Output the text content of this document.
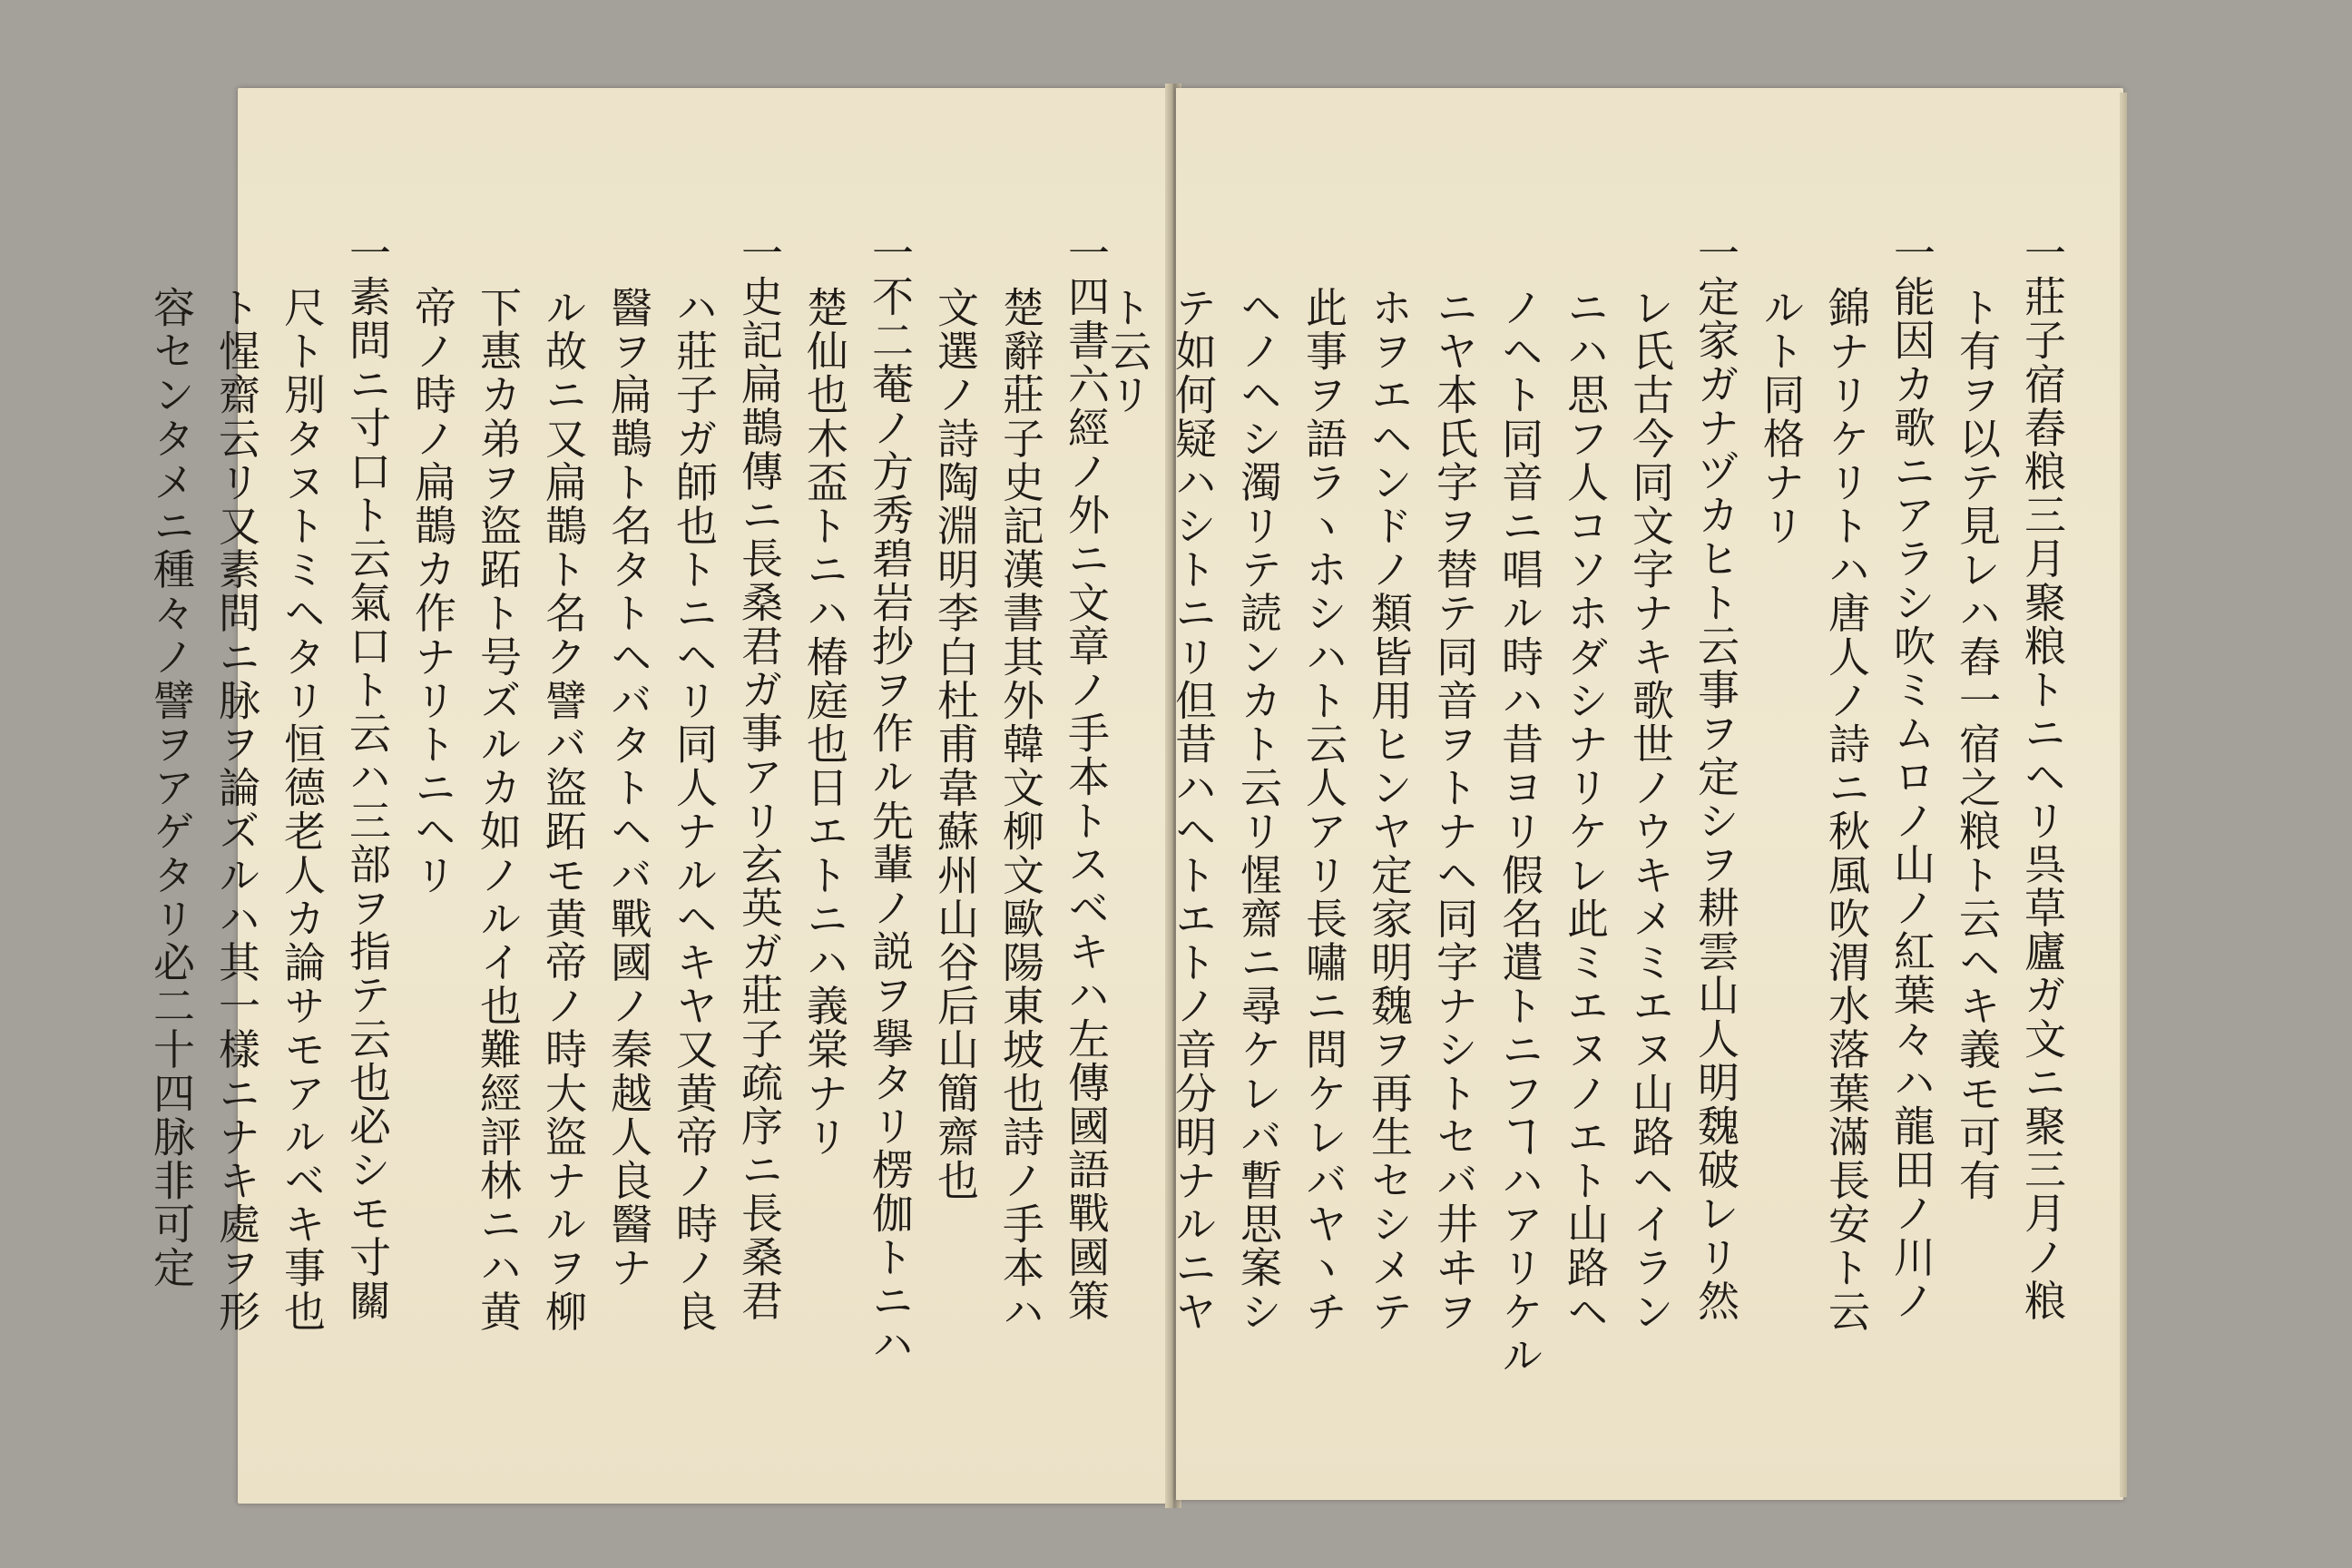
一四書六經ノ外ニ文章ノ手本トスベキハ左傳國語戰國策
楚辭莊子史記漢書其外韓文柳文歐陽東坡也詩ノ手本ハ
文選ノ詩陶淵明李白杜甫韋蘇州山谷后山簡齋也
一不二菴ノ方秀碧岩抄ヲ作ル先輩ノ説ヲ擧タリ楞伽トニハ
楚仙也木盃トニハ椿庭也日エトニハ義棠ナリ
一史記扁鵲傳ニ長桑君ガ事アリ玄英ガ莊子疏序ニ長桑君
ハ莊子ガ師也トニヘリ同人ナルヘキヤ又黄帝ノ時ノ良
醫ヲ扁鵲ト名タトヘバタトヘバ戰國ノ秦越人良醫ナ
ル故ニ又扁鵲ト名ク譬バ盜跖モ黄帝ノ時大盜ナルヲ柳
下惠カ弟ヲ盜跖ト号ズルカ如ノルイ也難經評林ニハ黄
帝ノ時ノ扁鵲カ作ナリトニヘリ
一素問ニ寸口ト云氣口ト云ハ三部ヲ指テ云也必シモ寸關
尺ト別タヌトミヘタリ恒德老人カ論サモアルベキ事也
ト惺齋云リ又素問ニ脉ヲ論ズルハ其一樣ニナキ處ヲ形
容センタメニ種々ノ譬ヲアゲタリ必二十四脉非可定	一莊子宿舂粮三月聚粮トニヘリ呉草廬ガ文ニ聚三月ノ粮
ト有ヲ以テ見レハ舂一宿之粮ト云ヘキ義モ可有
一能因カ歌ニアラシ吹ミムロノ山ノ紅葉々ハ龍田ノ川ノ
錦ナリケリトハ唐人ノ詩ニ秋風吹渭水落葉滿長安ト云
ルト同格ナリ
一定家ガナヅカヒト云事ヲ定シヲ耕雲山人明魏破レリ然
レ氏古今同文字ナキ歌世ノウキメミエヌ山路ヘイラン
ニハ思フ人コソホダシナリケレ此ミエヌノエト山路ヘ
ノヘト同音ニ唱ル時ハ昔ヨリ假名遣トニフヿハアリケル
ニヤ本氏字ヲ替テ同音ヲトナヘ同字ナシトセバ井ヰヲ
ホヲエヘンドノ類皆用ヒンヤ定家明魏ヲ再生セシメテ
此事ヲ語ラヽホシハト云人アリ長嘯ニ問ケレバヤヽチ
ヘノヘシ濁リテ読ンカト云リ惺齋ニ尋ケレバ暫思案シ
テ如何疑ハシトニリ但昔ハヘトエトノ音分明ナルニヤ
ト云リ
